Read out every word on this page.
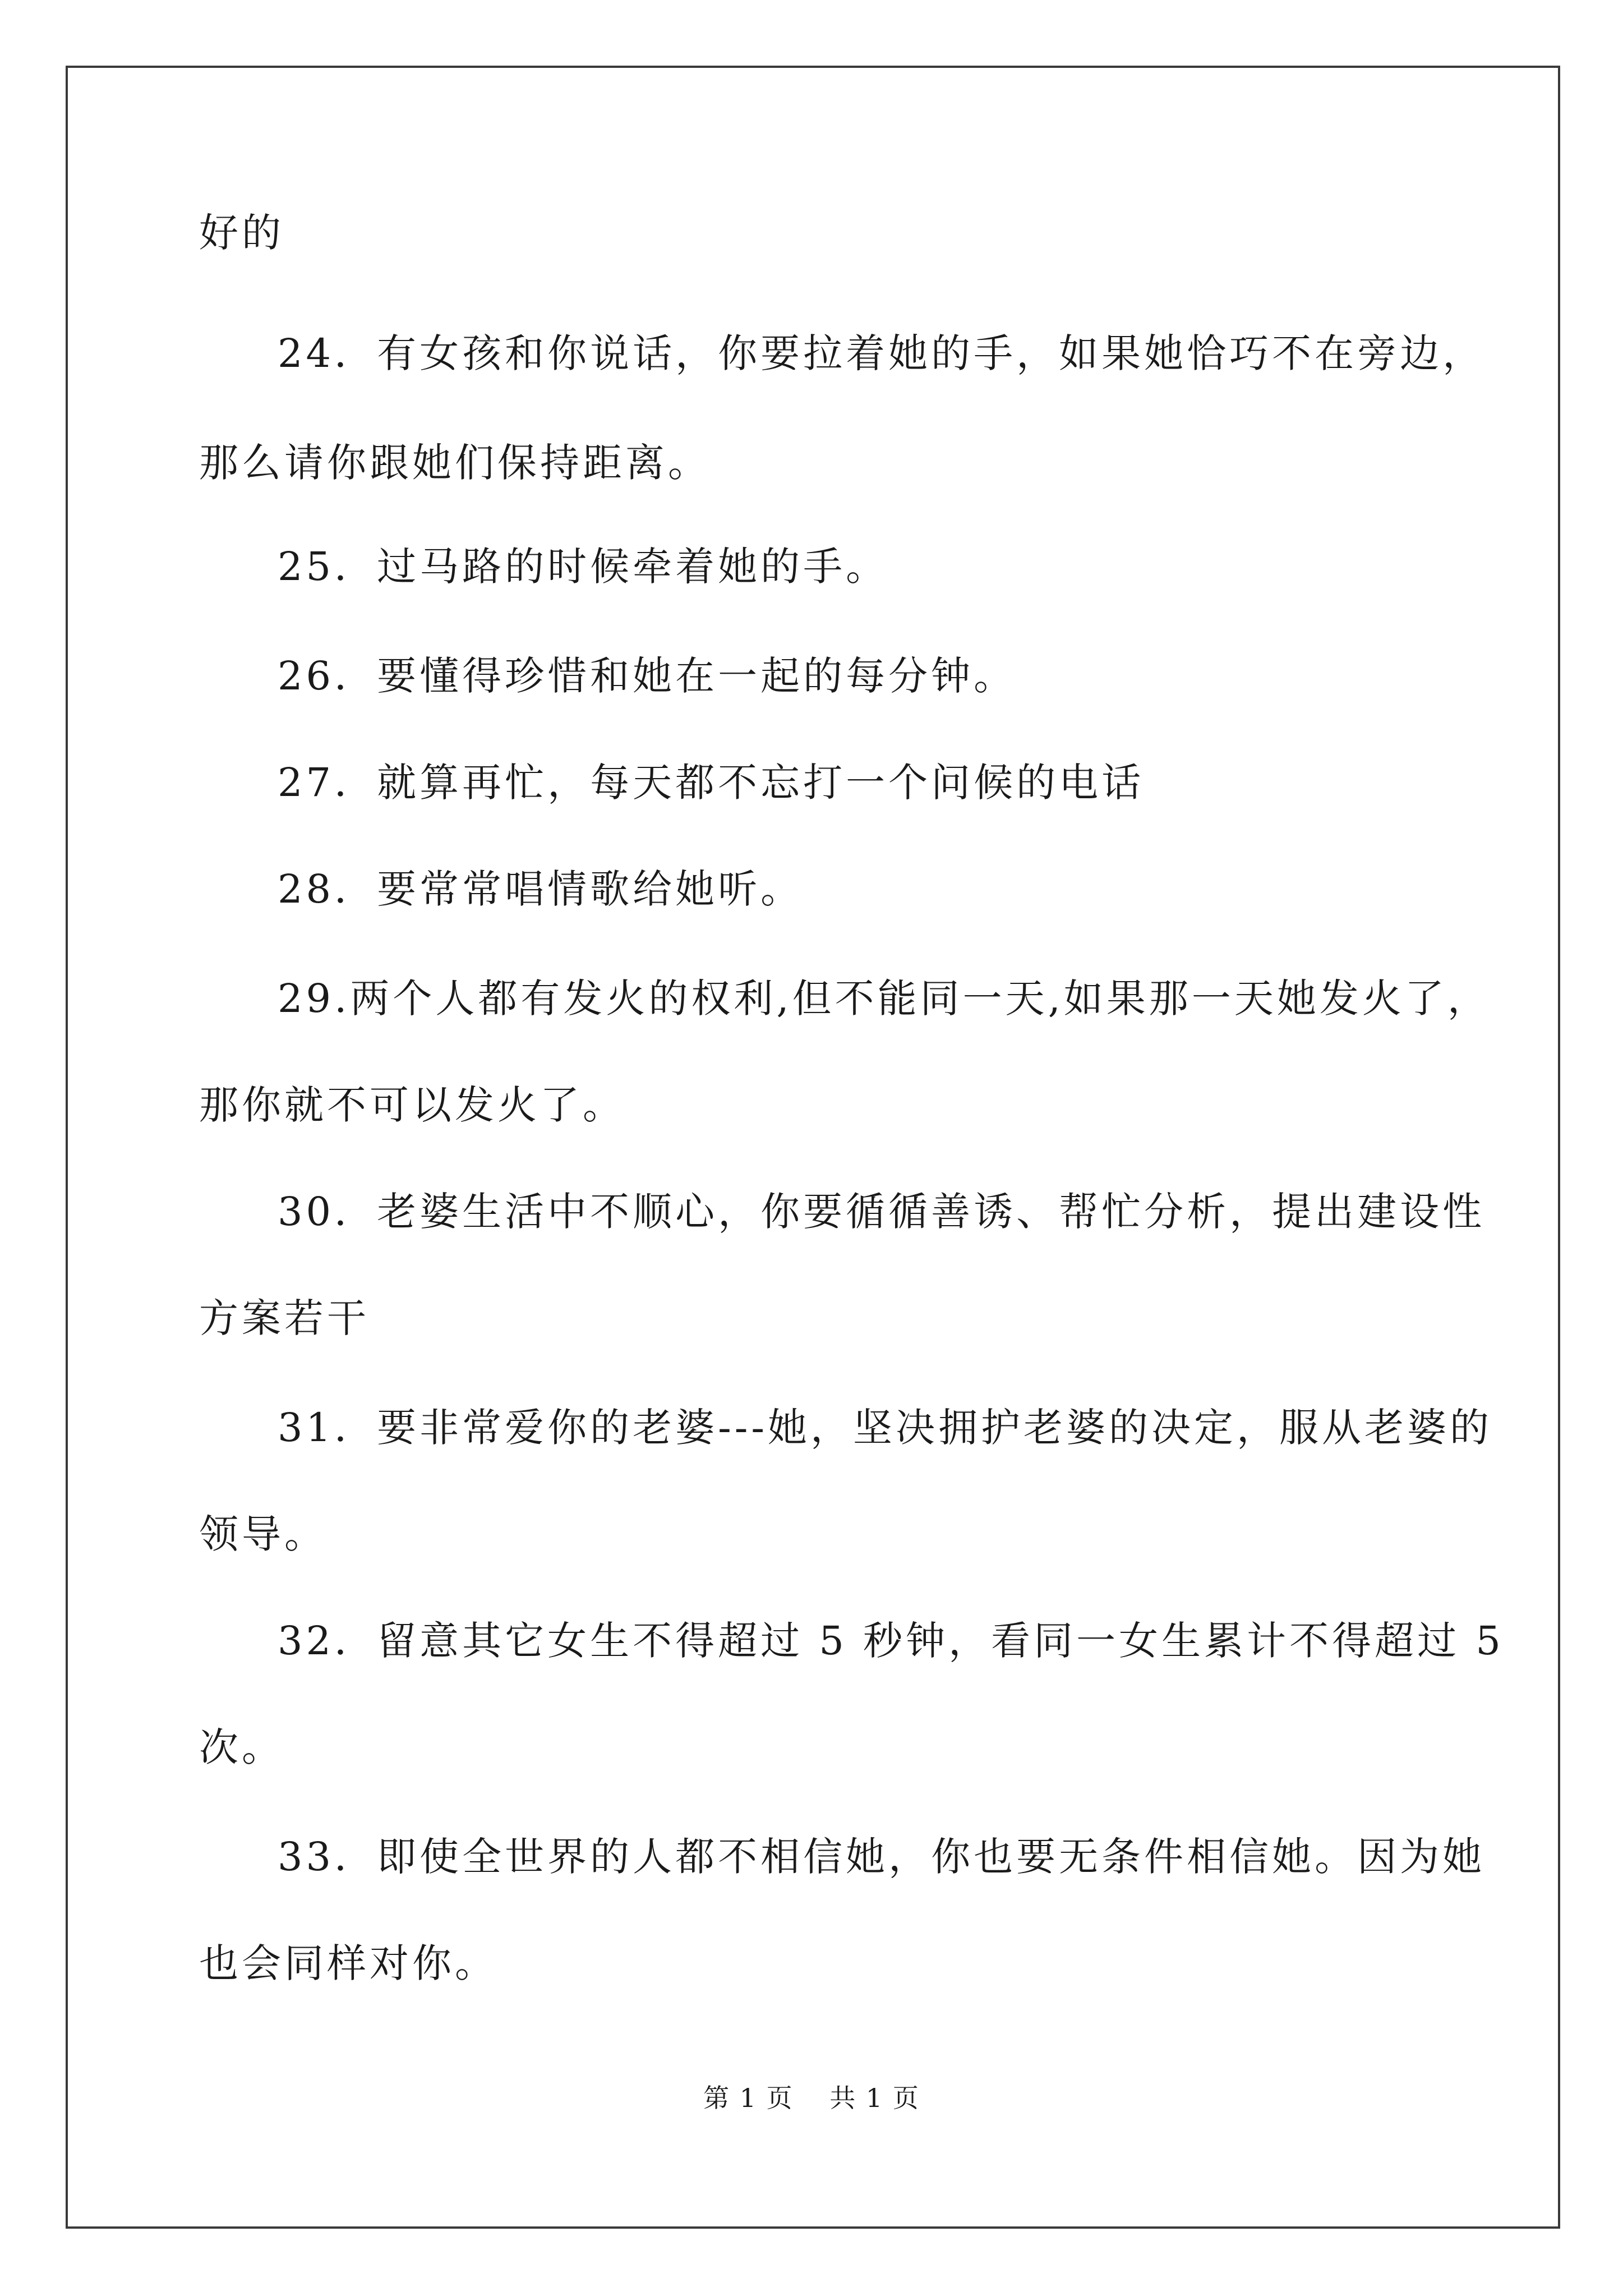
好的
24．有女孩和你说话，你要拉着她的手，如果她恰巧不在旁边，
那么请你跟她们保持距离。
25．过马路的时候牵着她的手。
26．要懂得珍惜和她在一起的每分钟。
27．就算再忙，每天都不忘打一个问候的电话
28．要常常唱情歌给她听。
29.两个人都有发火的权利,但不能同一天,如果那一天她发火了，
那你就不可以发火了。
30．老婆生活中不顺心，你要循循善诱、帮忙分析，提出建设性
方案若干
31．要非常爱你的老婆---她，坚决拥护老婆的决定，服从老婆的
领导。
32．留意其它女生不得超过 5 秒钟，看同一女生累计不得超过 5
次。
33．即使全世界的人都不相信她，你也要无条件相信她。因为她
也会同样对你。
第 1 页　 共 1 页
